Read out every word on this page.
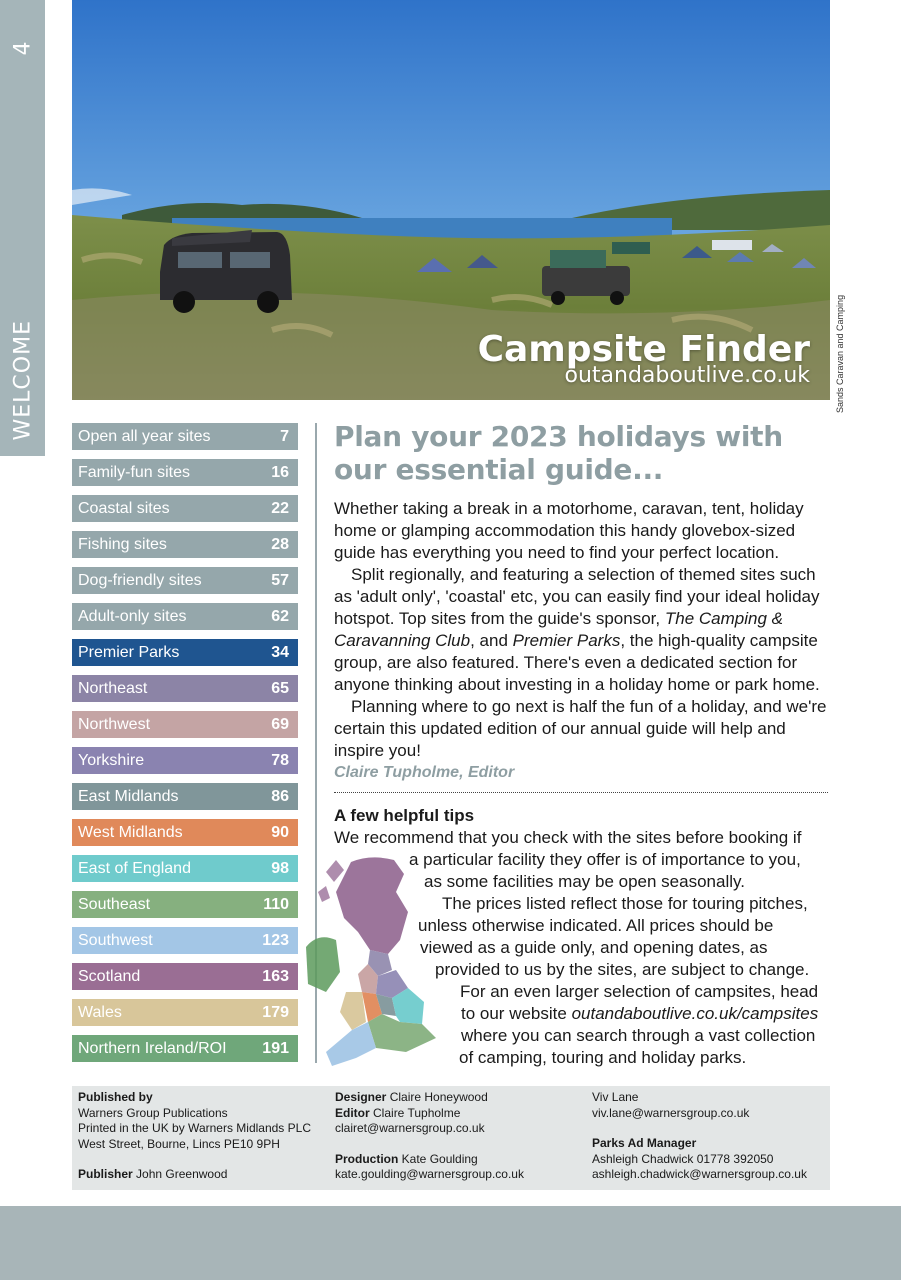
4
WELCOME	Campsite Finder
outandaboutlive.co.uk	Sands Caravan and Camping
Open all year sites	7
Family-fun sites	16
Coastal sites	22
Fishing sites	28
Dog-friendly sites	57
Adult-only sites	62
Premier Parks	34
Northeast	65
Northwest	69
Yorkshire	78
East Midlands	86
West Midlands	90
East of England	98
Southeast	110
Southwest	123
Scotland	163
Wales	179
Northern Ireland/ROI 191
Plan your 2023 holidays with our essential guide...

Whether taking a break in a motorhome, caravan, tent, holiday home or glamping accommodation this handy glovebox-sized guide has everything you need to find your perfect location.

Split regionally, and featuring a selection of themed sites such as 'adult only', 'coastal' etc, you can easily find your ideal holiday hotspot. Top sites from the guide's sponsor, The Camping & Caravanning Club, and Premier Parks, the high-quality campsite group, are also featured. There's even a dedicated section for anyone thinking about investing in a holiday home or park home.

Planning where to go next is half the fun of a holiday, and we're certain this updated edition of our annual guide will help and inspire you!

Claire Tupholme, Editor

A few helpful tips

We recommend that you check with the sites before booking if

a particular facility they offer is of importance to you,

as some facilities may be open seasonally.

The prices listed reflect those for touring pitches,

unless otherwise indicated. All prices should be

viewed as a guide only, and opening dates, as

provided to us by the sites, are subject to change.

For an even larger selection of campsites, head

to our website outandaboutlive.co.uk/campsites

where you can search through a vast collection

of camping, touring and holiday parks.

Published by

Warners Group Publications

Printed in the UK by Warners Midlands PLC

West Street, Bourne, Lincs PE10 9PH

Publisher John Greenwood

Designer Claire Honeywood

Editor Claire Tupholme

clairet@warnersgroup.co.uk

Production Kate Goulding

kate.goulding@warnersgroup.co.uk

Viv Lane

viv.lane@warnersgroup.co.uk

Parks Ad Manager

Ashleigh Chadwick 01778 392050

ashleigh.chadwick@warnersgroup.co.uk
